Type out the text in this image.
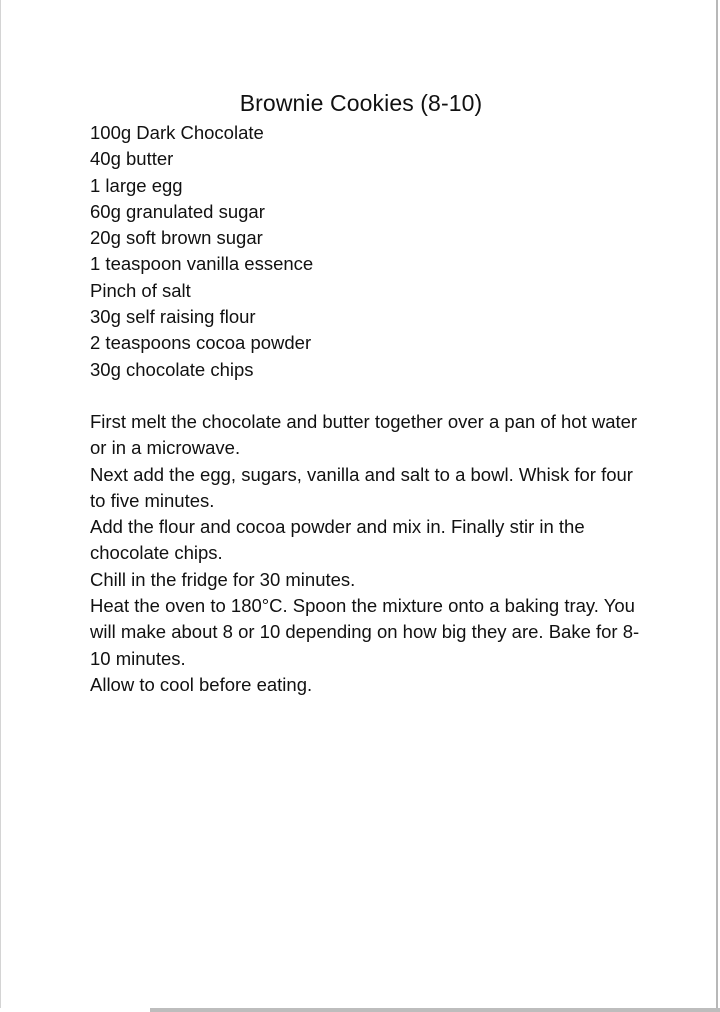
Brownie Cookies (8-10)
100g Dark Chocolate
40g butter
1 large egg
60g granulated sugar
20g soft brown sugar
1 teaspoon vanilla essence
Pinch of salt
30g self raising flour
2 teaspoons cocoa powder
30g chocolate chips

First melt the chocolate and butter together over a pan of hot water or in a microwave.

Next add the egg, sugars, vanilla and salt to a bowl. Whisk for four to five minutes.

Add the flour and cocoa powder and mix in. Finally stir in the chocolate chips.

Chill in the fridge for 30 minutes.

Heat the oven to 180°C. Spoon the mixture onto a baking tray. You will make about 8 or 10 depending on how big they are. Bake for 8-10 minutes.

Allow to cool before eating.
